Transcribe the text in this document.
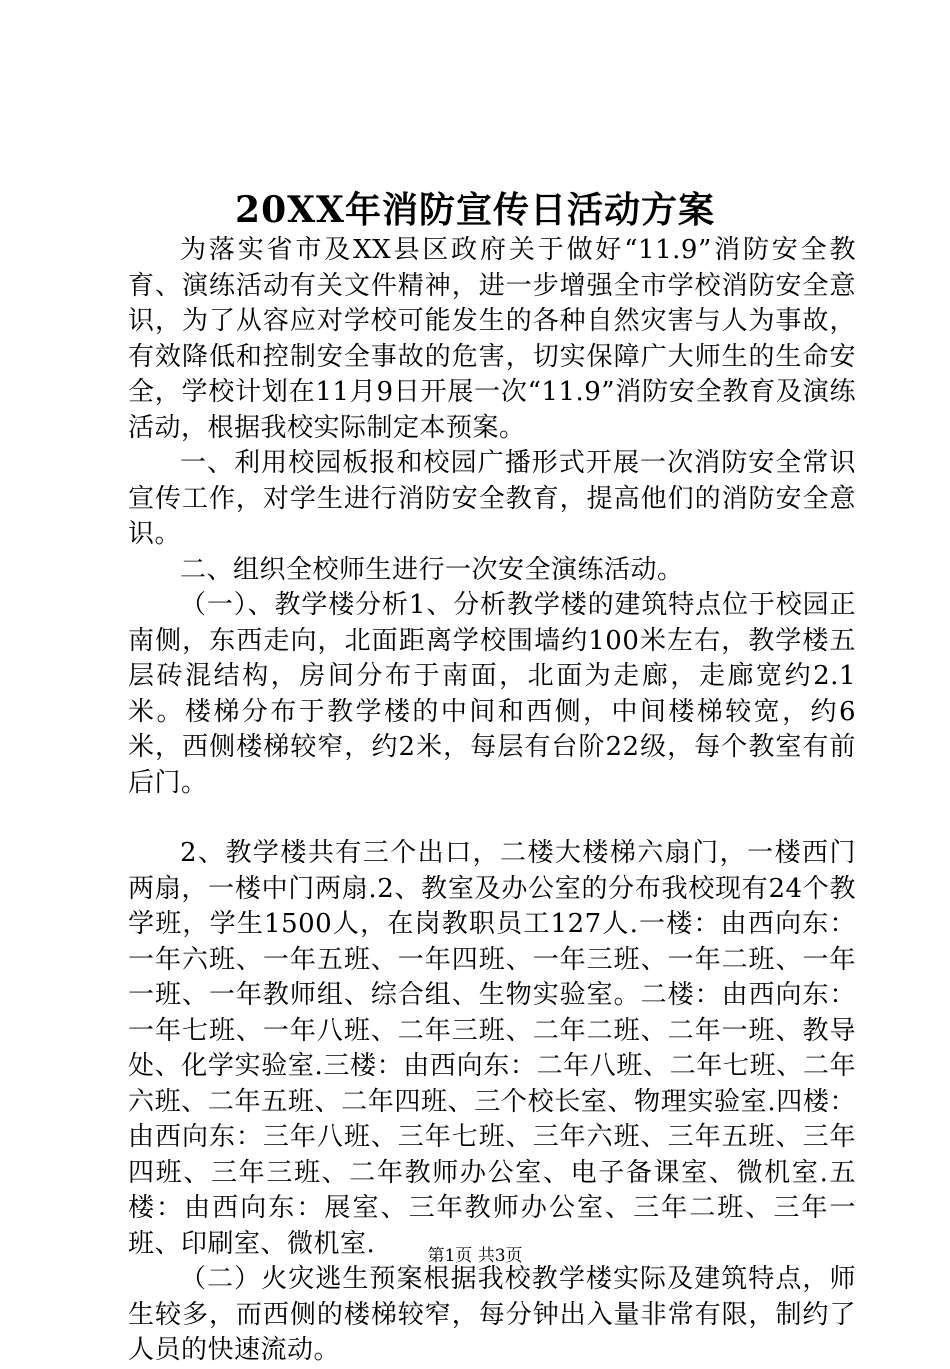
20XX年消防宣传日活动方案

为落实省市及XX县区政府关于做好“11.9”消防安全教育、演练活动有关文件精神，进一步增强全市学校消防安全意识，为了从容应对学校可能发生的各种自然灾害与人为事故，有效降低和控制安全事故的危害，切实保障广大师生的生命安全，学校计划在11月9日开展一次“11.9”消防安全教育及演练活动，根据我校实际制定本预案。

一、利用校园板报和校园广播形式开展一次消防安全常识宣传工作，对学生进行消防安全教育，提高他们的消防安全意识。

二、组织全校师生进行一次安全演练活动。

（一）、教学楼分析1、分析教学楼的建筑特点位于校园正南侧，东西走向，北面距离学校围墙约100米左右，教学楼五层砖混结构，房间分布于南面，北面为走廊，走廊宽约2.1米。楼梯分布于教学楼的中间和西侧，中间楼梯较宽，约6米，西侧楼梯较窄，约2米，每层有台阶22级，每个教室有前后门。

2、教学楼共有三个出口，二楼大楼梯六扇门，一楼西门两扇，一楼中门两扇.2、教室及办公室的分布我校现有24个教学班，学生1500人，在岗教职员工127人.一楼：由西向东：一年六班、一年五班、一年四班、一年三班、一年二班、一年一班、一年教师组、综合组、生物实验室。二楼：由西向东：一年七班、一年八班、二年三班、二年二班、二年一班、教导处、化学实验室.三楼：由西向东：二年八班、二年七班、二年六班、二年五班、二年四班、三个校长室、物理实验室.四楼：由西向东：三年八班、三年七班、三年六班、三年五班、三年四班、三年三班、二年教师办公室、电子备课室、微机室.五楼：由西向东：展室、三年教师办公室、三年二班、三年一班、印刷室、微机室.

（二）火灾逃生预案根据我校教学楼实际及建筑特点，师生较多，而西侧的楼梯较窄，每分钟出入量非常有限，制约了人员的快速流动。

第1页 共3页
